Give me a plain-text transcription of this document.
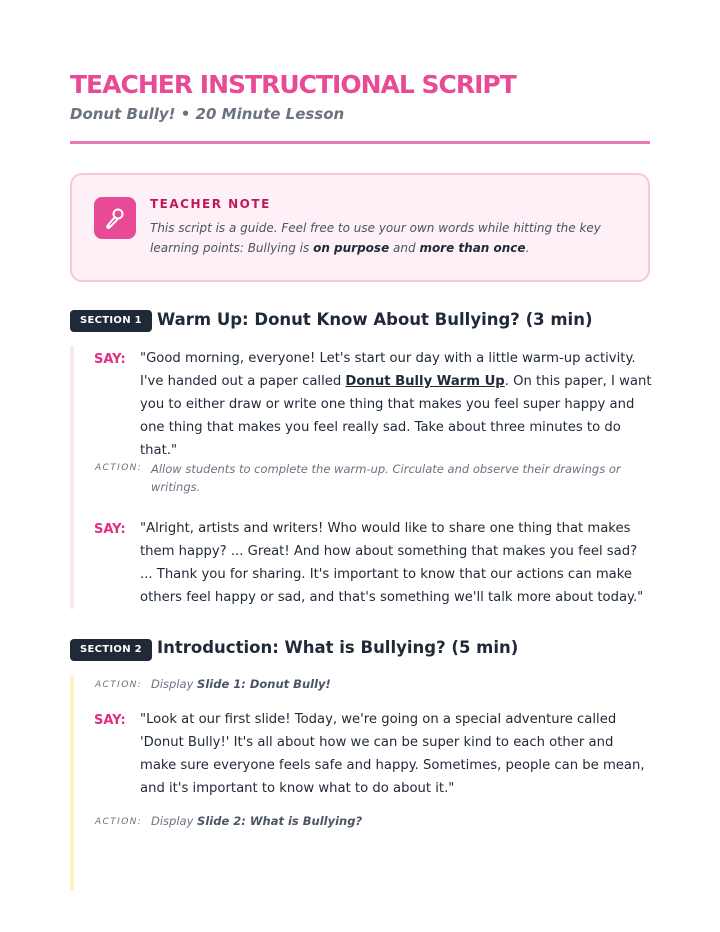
TEACHER INSTRUCTIONAL SCRIPT
Donut Bully! • 20 Minute Lesson
TEACHER NOTE
This script is a guide. Feel free to use your own words while hitting the key learning points: Bullying is on purpose and more than once.
SECTION 1 Warm Up: Donut Know About Bullying? (3 min)
SAY: "Good morning, everyone! Let's start our day with a little warm-up activity. I've handed out a paper called Donut Bully Warm Up. On this paper, I want you to either draw or write one thing that makes you feel super happy and one thing that makes you feel really sad. Take about three minutes to do that."
ACTION: Allow students to complete the warm-up. Circulate and observe their drawings or writings.
SAY: "Alright, artists and writers! Who would like to share one thing that makes them happy? ... Great! And how about something that makes you feel sad? ... Thank you for sharing. It's important to know that our actions can make others feel happy or sad, and that's something we'll talk more about today."
SECTION 2 Introduction: What is Bullying? (5 min)
ACTION: Display Slide 1: Donut Bully!
SAY: "Look at our first slide! Today, we're going on a special adventure called 'Donut Bully!' It's all about how we can be super kind to each other and make sure everyone feels safe and happy. Sometimes, people can be mean, and it's important to know what to do about it."
ACTION: Display Slide 2: What is Bullying?
